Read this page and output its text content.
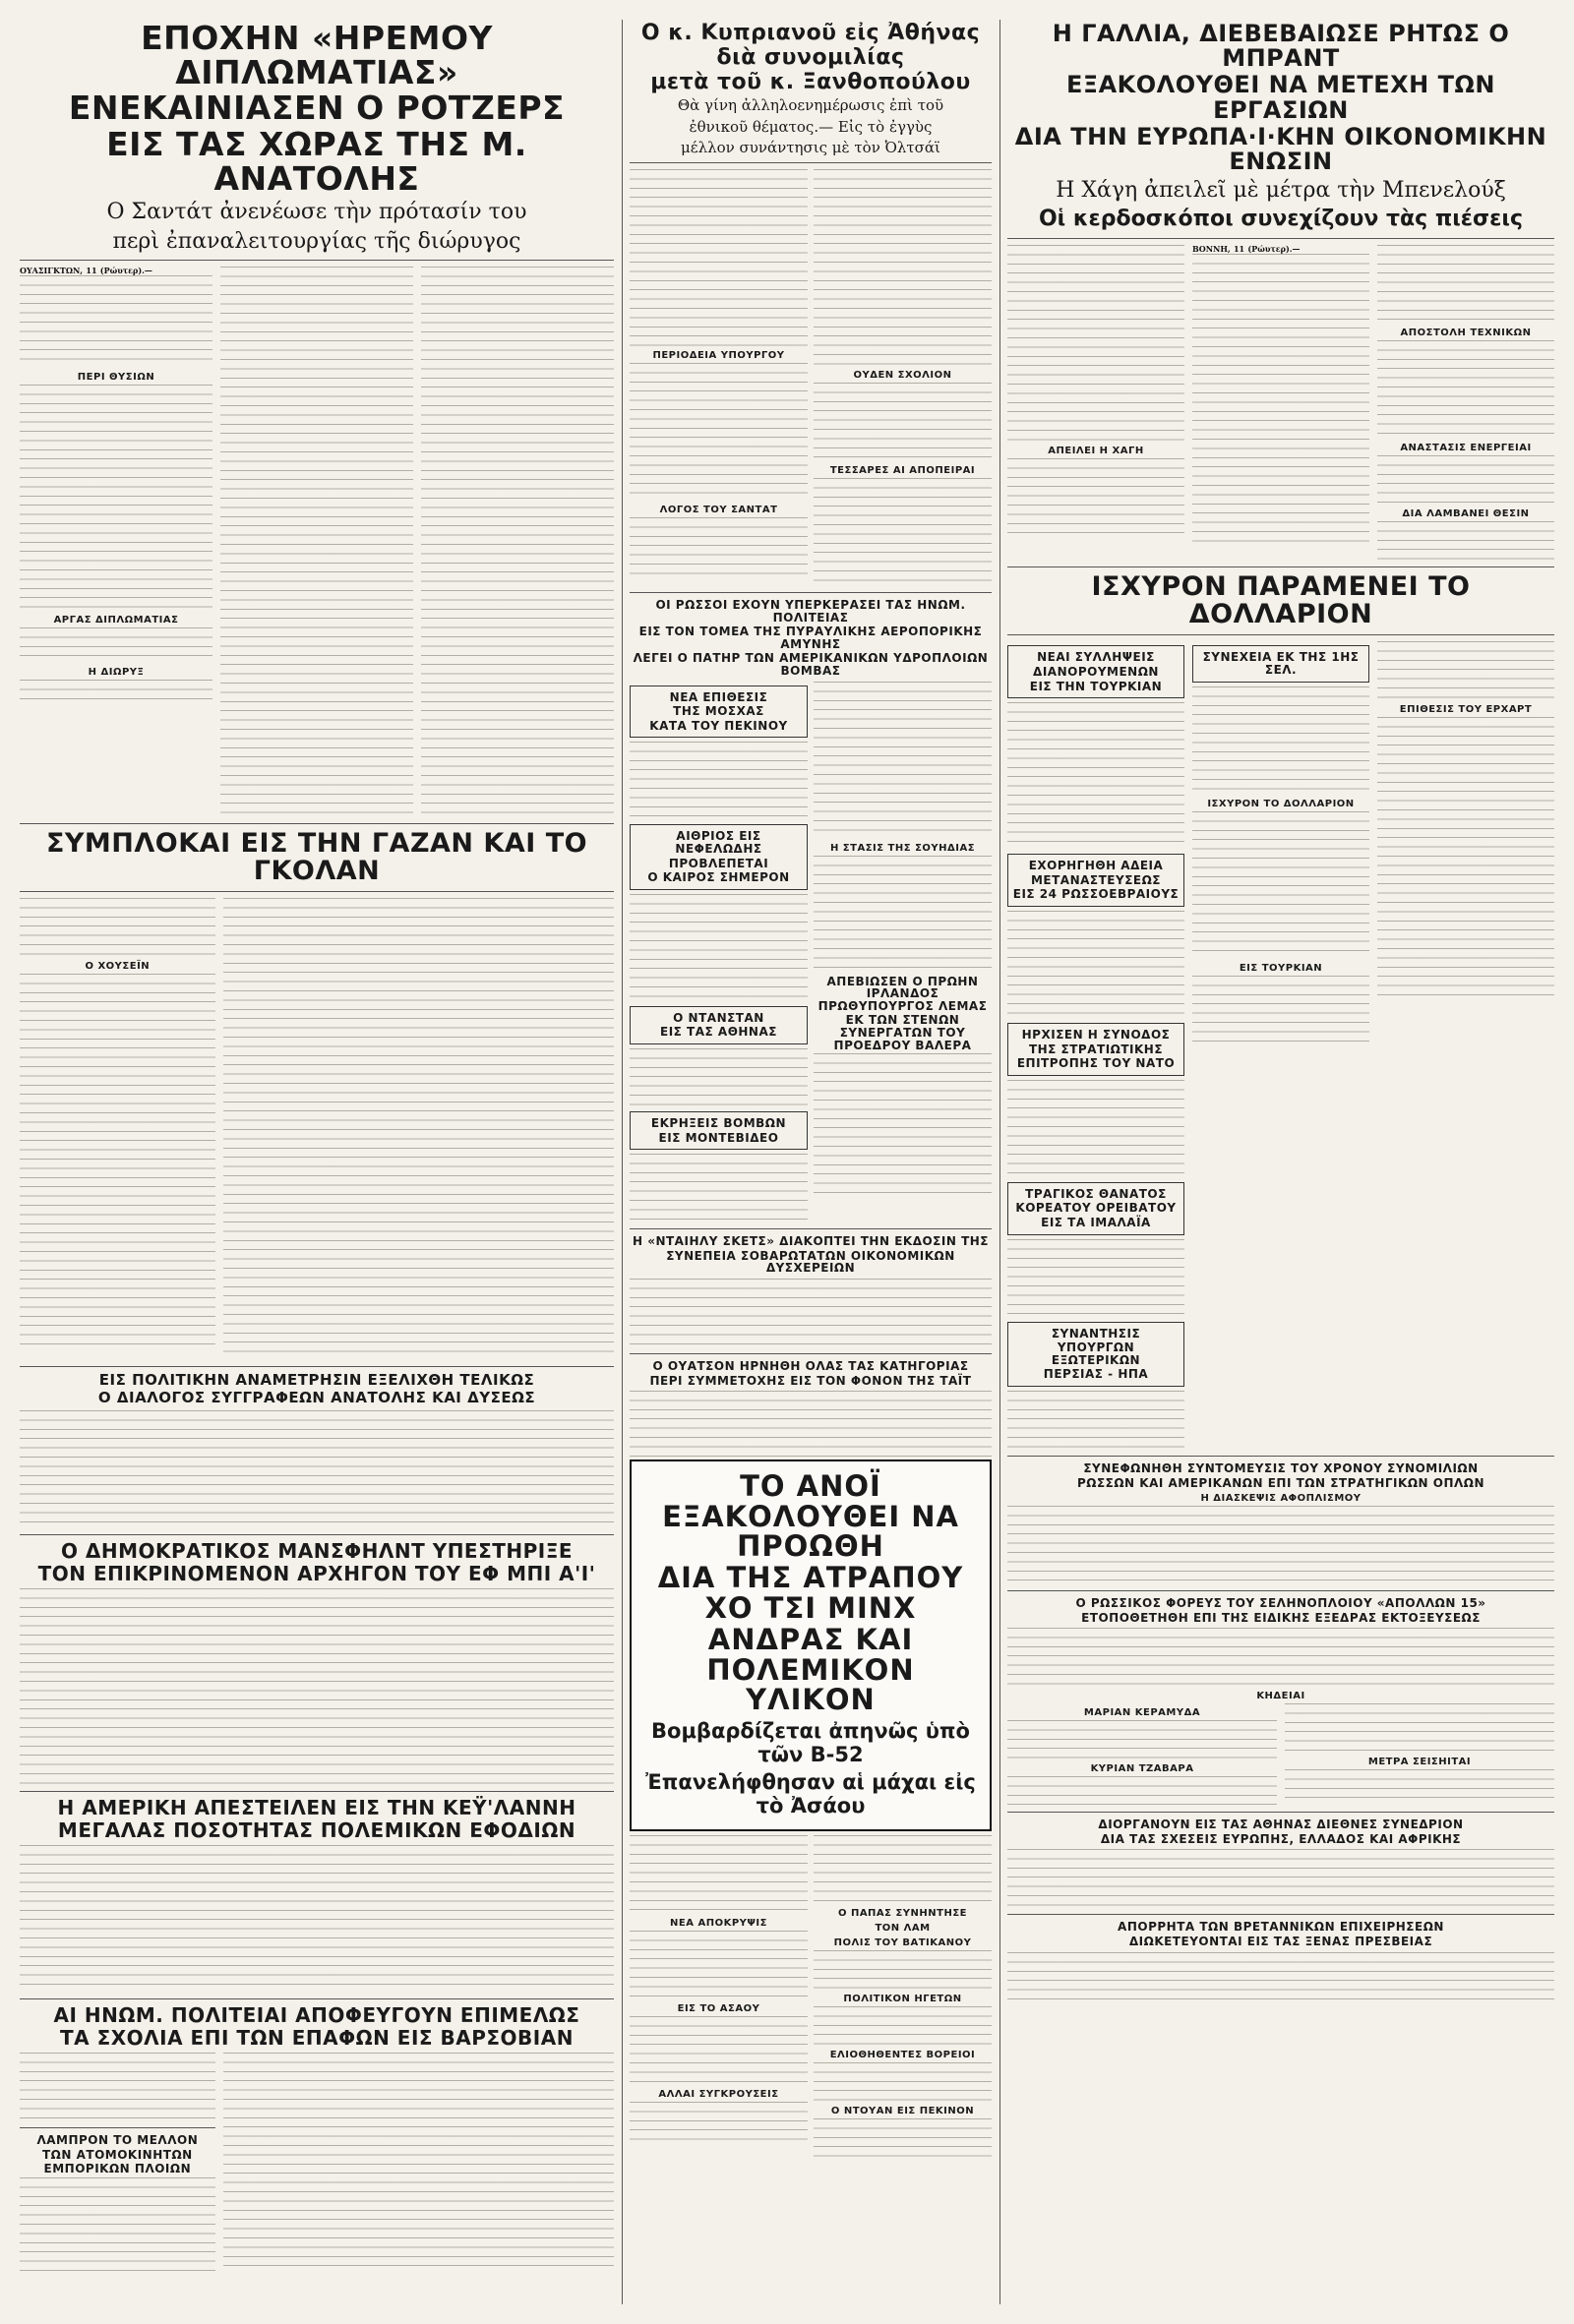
ΕΠΟΧΗΝ «ΗΡΕΜΟΥ ΔΙΠΛΩΜΑΤΙΑΣ»
ΕΝΕΚΑΙΝΙΑΣΕΝ Ο ΡΟΤΖΕΡΣ
ΕΙΣ ΤΑΣ ΧΩΡΑΣ ΤΗΣ Μ. ΑΝΑΤΟΛΗΣ
Ο Σαντάτ ἀνενέωσε τὴν πρότασίν του
περὶ ἐπαναλειτουργίας τῆς διώρυγος
ΟΥΑΣΙΓΚΤΩΝ, 11 (Ρώυτερ).—
ΠΕΡΙ ΘΥΣΙΩΝ
ΑΡΓΑΣ ΔΙΠΛΩΜΑΤΙΑΣ
Η ΔΙΩΡΥΞ
ΣΥΜΠΛΟΚΑΙ ΕΙΣ ΤΗΝ ΓΑΖΑΝ ΚΑΙ ΤΟ ΓΚΟΛΑΝ
Ο ΧΟΥΣΕΪΝ
ΕΙΣ ΠΟΛΙΤΙΚΗΝ ΑΝΑΜΕΤΡΗΣΙΝ ΕΞΕΛΙΧΘΗ ΤΕΛΙΚΩΣ
Ο ΔΙΑΛΟΓΟΣ ΣΥΓΓΡΑΦΕΩΝ ΑΝΑΤΟΛΗΣ ΚΑΙ ΔΥΣΕΩΣ
Ο ΔΗΜΟΚΡΑΤΙΚΟΣ ΜΑΝΣΦΗΛΝΤ ΥΠΕΣΤΗΡΙΞΕ
ΤΟΝ ΕΠΙΚΡΙΝΟΜΕΝΟΝ ΑΡΧΗΓΟΝ ΤΟΥ ΕΦ ΜΠΙ Α'Ι'
Η ΑΜΕΡΙΚΗ ΑΠΕΣΤΕΙΛΕΝ ΕΙΣ ΤΗΝ ΚΕΫ'ΛΑΝΝΗ
ΜΕΓΑΛΑΣ ΠΟΣΟΤΗΤΑΣ ΠΟΛΕΜΙΚΩΝ ΕΦΟΔΙΩΝ
ΑΙ ΗΝΩΜ. ΠΟΛΙΤΕΙΑΙ ΑΠΟΦΕΥΓΟΥΝ ΕΠΙΜΕΛΩΣ
ΤΑ ΣΧΟΛΙΑ ΕΠΙ ΤΩΝ ΕΠΑΦΩΝ ΕΙΣ ΒΑΡΣΟΒΙΑΝ
ΛΑΜΠΡΟΝ ΤΟ ΜΕΛΛΟΝ
ΤΩΝ ΑΤΟΜΟΚΙΝΗΤΩΝ
ΕΜΠΟΡΙΚΩΝ ΠΛΟΙΩΝ
Ο κ. Κυπριανοῦ εἰς Ἀθήνας
διὰ συνομιλίας
μετὰ τοῦ κ. Ξανθοπούλου
Θὰ γίνη ἀλληλοενημέρωσις ἐπὶ τοῦ
ἐθνικοῦ θέματος.— Εἰς τὸ ἐγγὺς
μέλλον συνάντησις μὲ τὸν Ὀλτσάϊ
ΠΕΡΙΟΔΕΙΑ ΥΠΟΥΡΓΟΥ
ΛΟΓΟΣ ΤΟΥ ΣΑΝΤΑΤ
ΟΥΔΕΝ ΣΧΟΛΙΟΝ
ΤΕΣΣΑΡΕΣ ΑΙ ΑΠΟΠΕΙΡΑΙ
ΟΙ ΡΩΣΣΟΙ ΕΧΟΥΝ ΥΠΕΡΚΕΡΑΣΕΙ ΤΑΣ ΗΝΩΜ. ΠΟΛΙΤΕΙΑΣ
ΕΙΣ ΤΟΝ ΤΟΜΕΑ ΤΗΣ ΠΥΡΑΥΛΙΚΗΣ ΑΕΡΟΠΟΡΙΚΗΣ ΑΜΥΝΗΣ
ΛΕΓΕΙ Ο ΠΑΤΗΡ ΤΩΝ ΑΜΕΡΙΚΑΝΙΚΩΝ ΥΔΡΟΠΛΟΙΩΝ ΒΟΜΒΑΣ
ΝΕΑ ΕΠΙΘΕΣΙΣ
ΤΗΣ ΜΟΣΧΑΣ
ΚΑΤΑ ΤΟΥ ΠΕΚΙΝΟΥ
ΑΙΘΡΙΟΣ ΕΙΣ ΝΕΦΕΛΩΔΗΣ
ΠΡΟΒΛΕΠΕΤΑΙ
Ο ΚΑΙΡΟΣ ΣΗΜΕΡΟΝ
Ο ΝΤΑΝΣΤΑΝ
ΕΙΣ ΤΑΣ ΑΘΗΝΑΣ
ΕΚΡΗΞΕΙΣ ΒΟΜΒΩΝ
ΕΙΣ ΜΟΝΤΕΒΙΔΕΟ
Η ΣΤΑΣΙΣ ΤΗΣ ΣΟΥΗΔΙΑΣ
ΑΠΕΒΙΩΣΕΝ Ο ΠΡΩΗΝ ΙΡΛΑΝΔΟΣ ΠΡΩΘΥΠΟΥΡΓΟΣ ΛΕΜΑΣ
ΕΚ ΤΩΝ ΣΤΕΝΩΝ ΣΥΝΕΡΓΑΤΩΝ ΤΟΥ ΠΡΟΕΔΡΟΥ ΒΑΛΕΡΑ
Η «ΝΤΑΙΗΛΥ ΣΚΕΤΣ» ΔΙΑΚΟΠΤΕΙ ΤΗΝ ΕΚΔΟΣΙΝ ΤΗΣ
ΣΥΝΕΠΕΙΑ ΣΟΒΑΡΩΤΑΤΩΝ ΟΙΚΟΝΟΜΙΚΩΝ ΔΥΣΧΕΡΕΙΩΝ
Ο ΟΥΑΤΣΟΝ ΗΡΝΗΘΗ ΟΛΑΣ ΤΑΣ ΚΑΤΗΓΟΡΙΑΣ
ΠΕΡΙ ΣΥΜΜΕΤΟΧΗΣ ΕΙΣ ΤΟΝ ΦΟΝΟΝ ΤΗΣ ΤΑΪΤ
ΤΟ ΑΝΟΪ ΕΞΑΚΟΛΟΥΘΕΙ ΝΑ ΠΡΟΩΘΗ
ΔΙΑ ΤΗΣ ΑΤΡΑΠΟΥ ΧΟ ΤΣΙ ΜΙΝΧ
ΑΝΔΡΑΣ ΚΑΙ ΠΟΛΕΜΙΚΟΝ ΥΛΙΚΟΝ
Βομβαρδίζεται ἀπηνῶς ὑπὸ τῶν Β-52
Ἐπανελήφθησαν αἱ μάχαι εἰς τὸ Ἀσάου
ΝΕΑ ΑΠΟΚΡΥΨΙΣ
ΕΙΣ ΤΟ ΑΣΑΟΥ
ΑΛΛΑΙ ΣΥΓΚΡΟΥΣΕΙΣ
Ο ΠΑΠΑΣ ΣΥΝΗΝΤΗΣΕ
ΤΟΝ ΛΑΜ
ΠΟΛΙΣ ΤΟΥ ΒΑΤΙΚΑΝΟΥ
ΠΟΛΙΤΙΚΟΝ ΗΓΕΤΩΝ
ΕΛΙΟΘΗΘΕΝΤΕΣ ΒΟΡΕΙΟΙ
Ο ΝΤΟΥΑΝ ΕΙΣ ΠΕΚΙΝΟΝ
Η ΓΑΛΛΙΑ, ΔΙΕΒΕΒΑΙΩΣΕ ΡΗΤΩΣ Ο ΜΠΡΑΝΤ
ΕΞΑΚΟΛΟΥΘΕΙ ΝΑ ΜΕΤΕΧΗ ΤΩΝ ΕΡΓΑΣΙΩΝ
ΔΙΑ ΤΗΝ ΕΥΡΩΠΑ·Ι·ΚΗΝ ΟΙΚΟΝΟΜΙΚΗΝ ΕΝΩΣΙΝ
Η Χάγη ἀπειλεῖ μὲ μέτρα τὴν Μπενελούξ
Οἱ κερδοσκόποι συνεχίζουν τὰς πιέσεις
ΑΠΕΙΛΕΙ Η ΧΑΓΗ
ΒΟΝΝΗ, 11 (Ρώυτερ).—
ΑΠΟΣΤΟΛΗ ΤΕΧΝΙΚΩΝ
ΑΝΑΣΤΑΣΙΣ ΕΝΕΡΓΕΙΑΙ
ΔΙΑ ΛΑΜΒΑΝΕΙ ΘΕΣΙΝ
ΙΣΧΥΡΟΝ ΠΑΡΑΜΕΝΕΙ ΤΟ ΔΟΛΛΑΡΙΟΝ
ΝΕΑΙ ΣΥΛΛΗΨΕΙΣ
ΔΙΑΝΟΡΟΥΜΕΝΩΝ
ΕΙΣ ΤΗΝ ΤΟΥΡΚΙΑΝ
ΕΧΟΡΗΓΗΘΗ ΑΔΕΙΑ
ΜΕΤΑΝΑΣΤΕΥΣΕΩΣ
ΕΙΣ 24 ΡΩΣΣΟΕΒΡΑΙΟΥΣ
ΗΡΧΙΣΕΝ Η ΣΥΝΟΔΟΣ
ΤΗΣ ΣΤΡΑΤΙΩΤΙΚΗΣ
ΕΠΙΤΡΟΠΗΣ ΤΟΥ ΝΑΤΟ
ΤΡΑΓΙΚΟΣ ΘΑΝΑΤΟΣ
ΚΟΡΕΑΤΟΥ ΟΡΕΙΒΑΤΟΥ
ΕΙΣ ΤΑ ΙΜΑΛΑΪΑ
ΣΥΝΑΝΤΗΣΙΣ
ΥΠΟΥΡΓΩΝ ΕΞΩΤΕΡΙΚΩΝ
ΠΕΡΣΙΑΣ - ΗΠΑ
ΣΥΝΕΧΕΙΑ ΕΚ ΤΗΣ 1ΗΣ ΣΕΛ.
ΙΣΧΥΡΟΝ ΤΟ ΔΟΛΛΑΡΙΟΝ
ΕΙΣ ΤΟΥΡΚΙΑΝ
ΕΠΙΘΕΣΙΣ ΤΟΥ ΕΡΧΑΡΤ
ΣΥΝΕΦΩΝΗΘΗ ΣΥΝΤΟΜΕΥΣΙΣ ΤΟΥ ΧΡΟΝΟΥ ΣΥΝΟΜΙΛΙΩΝ
ΡΩΣΣΩΝ ΚΑΙ ΑΜΕΡΙΚΑΝΩΝ ΕΠΙ ΤΩΝ ΣΤΡΑΤΗΓΙΚΩΝ ΟΠΛΩΝ
Η ΔΙΑΣΚΕΨΙΣ ΑΦΟΠΛΙΣΜΟΥ
Ο ΡΩΣΣΙΚΟΣ ΦΟΡΕΥΣ ΤΟΥ ΣΕΛΗΝΟΠΛΟΙΟΥ «ΑΠΟΛΛΩΝ 15»
ΕΤΟΠΟΘΕΤΗΘΗ ΕΠΙ ΤΗΣ ΕΙΔΙΚΗΣ ΕΞΕΔΡΑΣ ΕΚΤΟΞΕΥΣΕΩΣ
ΚΗΔΕΙΑΙ
ΜΑΡΙΑΝ ΚΕΡΑΜΥΔΑ
ΚΥΡΙΑΝ ΤΖΑΒΑΡΑ
ΜΕΤΡΑ ΣΕΙΣΗΙΤΑΙ
ΔΙΟΡΓΑΝΟΥΝ ΕΙΣ ΤΑΣ ΑΘΗΝΑΣ ΔΙΕΘΝΕΣ ΣΥΝΕΔΡΙΟΝ
ΔΙΑ ΤΑΣ ΣΧΕΣΕΙΣ ΕΥΡΩΠΗΣ, ΕΛΛΑΔΟΣ ΚΑΙ ΑΦΡΙΚΗΣ
ΑΠΟΡΡΗΤΑ ΤΩΝ ΒΡΕΤΑΝΝΙΚΩΝ ΕΠΙΧΕΙΡΗΣΕΩΝ
ΔΙΩΚΕΤΕΥΟΝΤΑΙ ΕΙΣ ΤΑΣ ΞΕΝΑΣ ΠΡΕΣΒΕΙΑΣ
